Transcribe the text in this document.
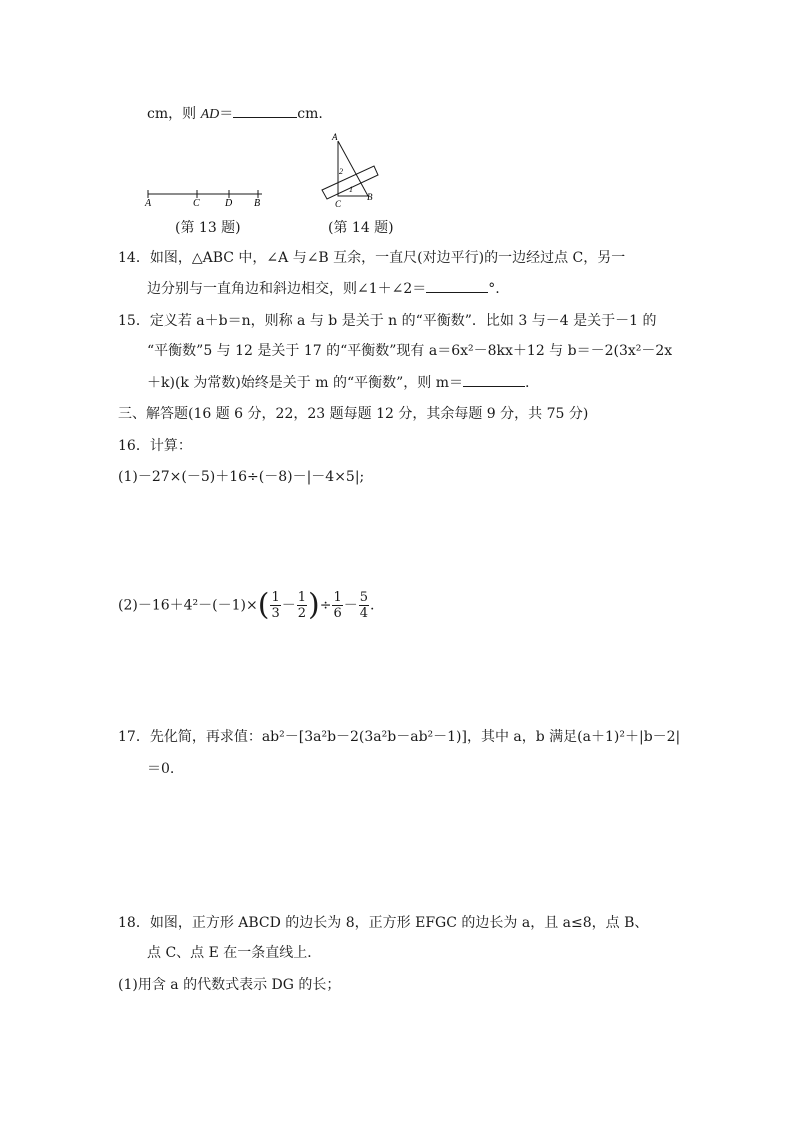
cm，则 AD＝	cm.
A	C	D B
(第 13 题)
A
B
C
1
2
(第 14 题)
14．如图，△ABC 中，∠A 与∠B 互余，一直尺(对边平行)的一边经过点 C，另一
边分别与一直角边和斜边相交，则∠1＋∠2＝	°.
15．定义若 a＋b＝n，则称 a 与 b 是关于 n 的“平衡数”．比如 3 与－4 是关于－1 的
“平衡数”5 与 12 是关于 17 的“平衡数”现有 a＝6x²－8kx＋12 与 b＝－2(3x²－2x
＋k)(k 为常数)始终是关于 m 的“平衡数”，则 m＝	.
三、解答题(16 题 6 分，22，23 题每题 12 分，其余每题 9 分，共 75 分)
16．计算：
(1)－27×(－5)＋16÷(－8)－|－4×5|;
$(2)-16+4^2-(-1)\times( \frac{1}{3} - \frac{1}{2}$ )÷ $\frac{1}{6} - \frac{5}{4}$ .
17．先化简，再求值：ab²－[3a²b－2(3a²b－ab²－1)]，其中 a，b 满足(a＋1)²＋|b－2|
＝0.
18．如图，正方形 ABCD 的边长为 8，正方形 EFGC 的边长为 a，且 a≤8，点 B、
点 C、点 E 在一条直线上．
(1)用含 a 的代数式表示 DG 的长；
